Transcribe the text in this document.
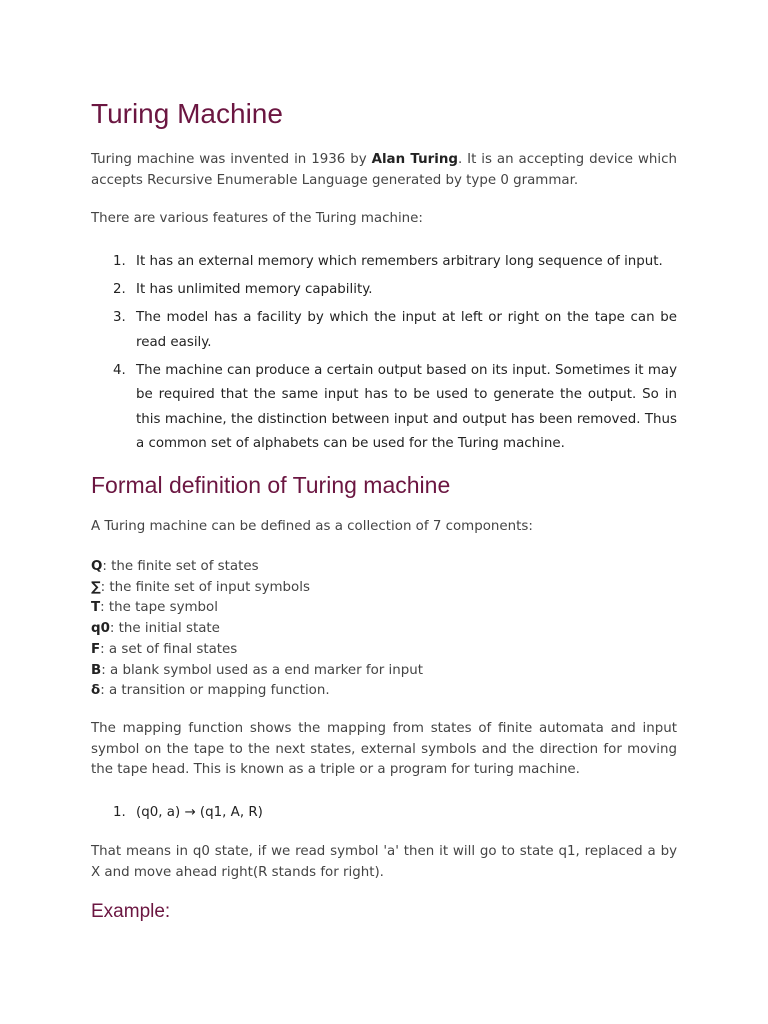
Turing Machine

Turing machine was invented in 1936 by Alan Turing. It is an accepting device which accepts Recursive Enumerable Language generated by type 0 grammar.

There are various features of the Turing machine:

1. It has an external memory which remembers arbitrary long sequence of input.
2. It has unlimited memory capability.
3. The model has a facility by which the input at left or right on the tape can be read easily.
4. The machine can produce a certain output based on its input. Sometimes it may be required that the same input has to be used to generate the output. So in this machine, the distinction between input and output has been removed. Thus a common set of alphabets can be used for the Turing machine.
Formal definition of Turing machine

A Turing machine can be defined as a collection of 7 components:

Q: the finite set of states
∑: the finite set of input symbols
T: the tape symbol
q0: the initial state
F: a set of final states
B: a blank symbol used as a end marker for input
δ: a transition or mapping function.

The mapping function shows the mapping from states of finite automata and input symbol on the tape to the next states, external symbols and the direction for moving the tape head. This is known as a triple or a program for turing machine.

1. (q0, a) → (q1, A, R)

That means in q0 state, if we read symbol 'a' then it will go to state q1, replaced a by X and move ahead right(R stands for right).

Example:
